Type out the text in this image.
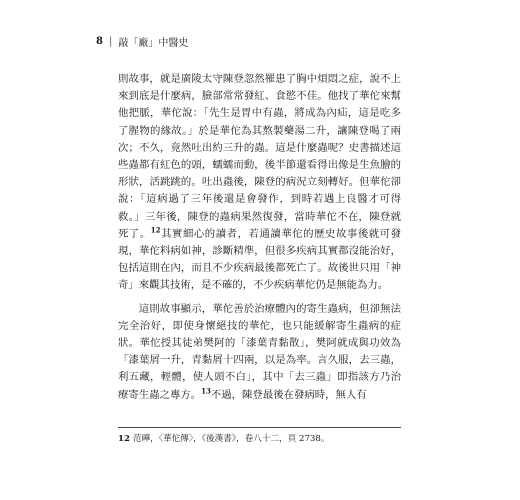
8 | 敲「廠」中醫史

則故事，就是廣陵太守陳登忽然罹患了胸中煩悶之症，說不上來到底是什麼病，臉部常常發紅、食慾不佳。他找了華佗來幫他把脈，華佗說：「先生是胃中有蟲，將成為內疝，這是吃多了腥物的緣故。」於是華佗為其熬製藥湯二升，讓陳登喝了兩次；不久，竟然吐出約三升的蟲。這是什麼蟲呢？史書描述這些蟲都有紅色的頭，蠕蠕而動，後半節還看得出像是生魚膾的形狀，活跳跳的。吐出蟲後，陳登的病況立刻轉好。但華佗卻說：「這病過了三年後還是會發作，到時若遇上良醫才可得救。」三年後，陳登的蟲病果然復發，當時華佗不在，陳登就死了。$^{12}$其實細心的讀者，若通讀華佗的歷史故事後就可發現，華佗料病如神，診斷精準，但很多疾病其實都沒能治好，包括這則在內，而且不少疾病最後都死亡了。故後世只用「神奇」來觀其技術，是不確的，不少疾病華佗仍是無能為力。

這則故事顯示，華佗善於治療體內的寄生蟲病，但卻無法完全治好，即使身懷絕技的華佗，也只能緩解寄生蟲病的症狀。華佗授其徒弟樊阿的「漆葉青黏散」，樊阿就成與功效為「漆葉屑一升，青黏屑十四兩，以是為率。言久服，去三蟲，利五藏，輕體，使人頭不白」，其中「去三蟲」即指該方乃治療寄生蟲之專方。$^{13}$不過，陳登最後在發病時，無人有

12 范曄，〈華佗傳〉，《後漢書》，卷八十二，頁 2738。
